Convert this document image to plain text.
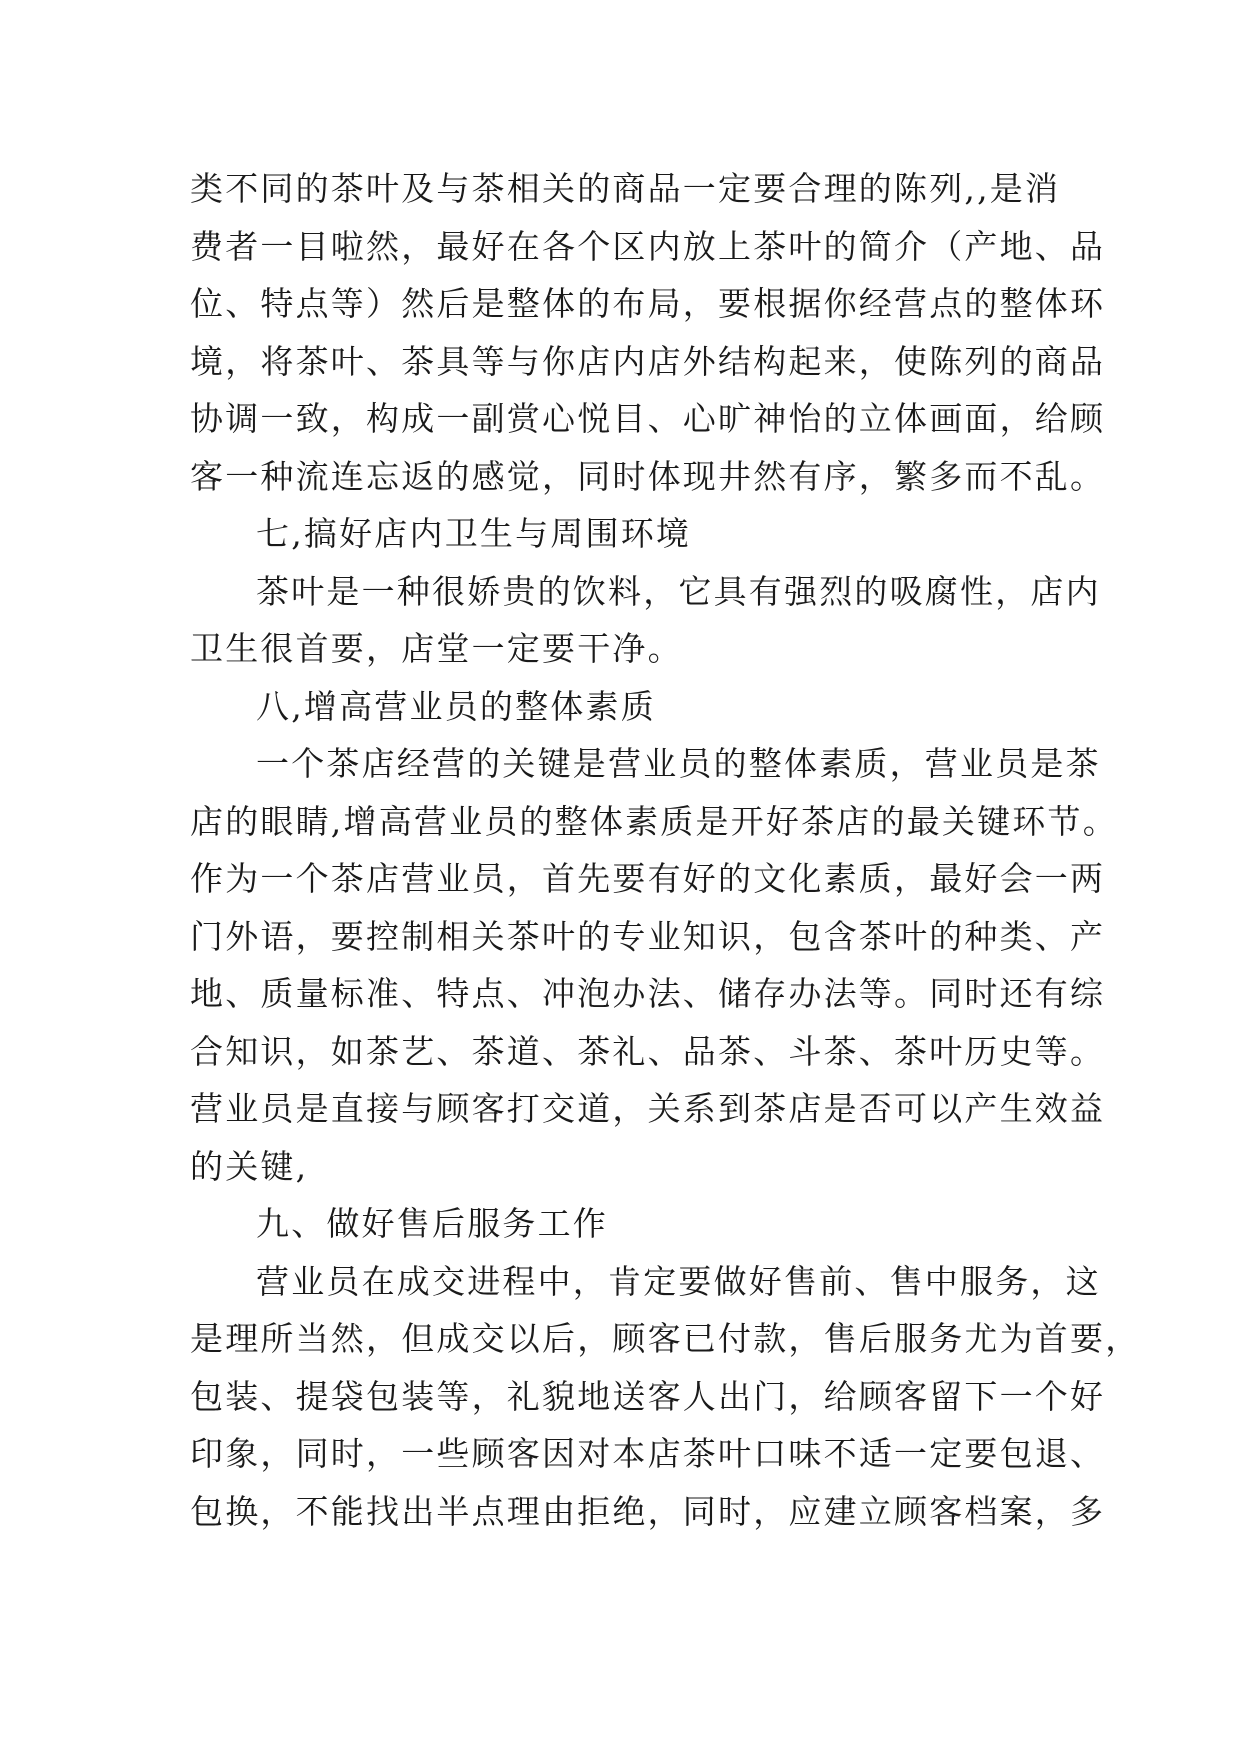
类不同的茶叶及与茶相关的商品一定要合理的陈列,,是消
费者一目啦然，最好在各个区内放上茶叶的简介（产地、品
位、特点等）然后是整体的布局，要根据你经营点的整体环
境，将茶叶、茶具等与你店内店外结构起来，使陈列的商品
协调一致，构成一副赏心悦目、心旷神怡的立体画面，给顾
客一种流连忘返的感觉，同时体现井然有序，繁多而不乱。
七,搞好店内卫生与周围环境
茶叶是一种很娇贵的饮料，它具有强烈的吸腐性，店内
卫生很首要，店堂一定要干净。
八,增高营业员的整体素质
一个茶店经营的关键是营业员的整体素质，营业员是茶
店的眼睛,增高营业员的整体素质是开好茶店的最关键环节。
作为一个茶店营业员，首先要有好的文化素质，最好会一两
门外语，要控制相关茶叶的专业知识，包含茶叶的种类、产
地、质量标准、特点、冲泡办法、储存办法等。同时还有综
合知识，如茶艺、茶道、茶礼、品茶、斗茶、茶叶历史等。
营业员是直接与顾客打交道，关系到茶店是否可以产生效益
的关键,
九、做好售后服务工作
营业员在成交进程中，肯定要做好售前、售中服务，这
是理所当然，但成交以后，顾客已付款，售后服务尤为首要，
包装、提袋包装等，礼貌地送客人出门，给顾客留下一个好
印象，同时，一些顾客因对本店茶叶口味不适一定要包退、
包换，不能找出半点理由拒绝，同时，应建立顾客档案，多
